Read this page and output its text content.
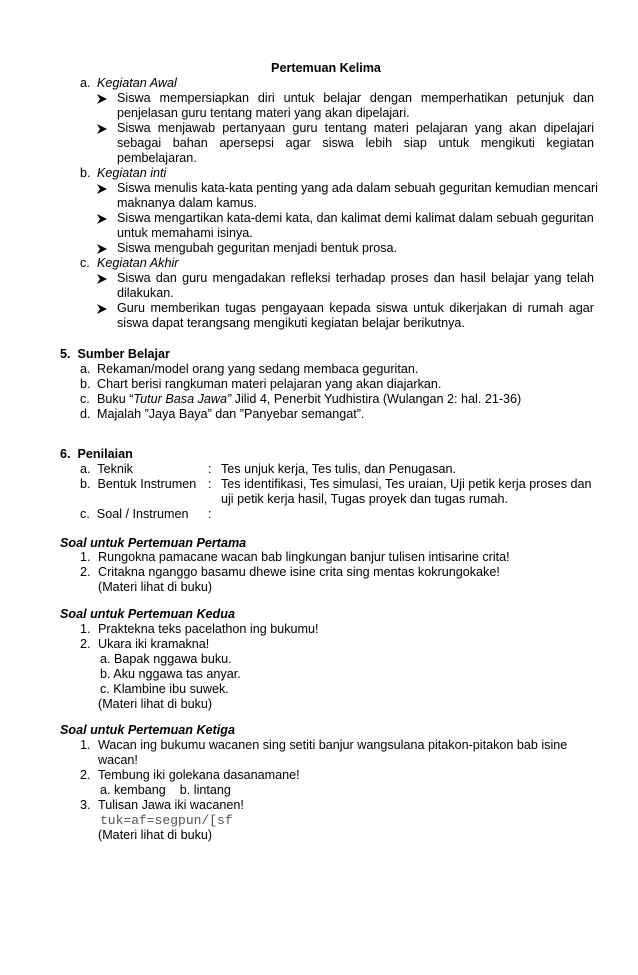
Pertemuan Kelima
a. Kegiatan Awal
Siswa mempersiapkan diri untuk belajar dengan memperhatikan petunjuk dan
penjelasan guru tentang materi yang akan dipelajari.
Siswa menjawab pertanyaan guru tentang materi pelajaran yang akan dipelajari
sebagai bahan apersepsi agar siswa lebih siap untuk mengikuti kegiatan
pembelajaran.
b. Kegiatan inti
Siswa menulis kata-kata penting yang ada dalam sebuah geguritan kemudian mencari
maknanya dalam kamus.
Siswa mengartikan kata-demi kata, dan kalimat demi kalimat dalam sebuah geguritan
untuk memahami isinya.
Siswa mengubah geguritan menjadi bentuk prosa.
c. Kegiatan Akhir
Siswa dan guru mengadakan refleksi terhadap proses dan hasil belajar yang telah
dilakukan.
Guru memberikan tugas pengayaan kepada siswa untuk dikerjakan di rumah agar
siswa dapat terangsang mengikuti kegiatan belajar berikutnya.
5.  Sumber Belajar
a. Rekaman/model orang yang sedang membaca geguritan.
b. Chart berisi rangkuman materi pelajaran yang akan diajarkan.
c. Buku “Tutur Basa Jawa” Jilid 4, Penerbit Yudhistira (Wulangan 2: hal. 21-36)
d. Majalah ”Jaya Baya” dan ”Panyebar semangat”.
6.  Penilaian
a.  Teknik	: Tes unjuk kerja, Tes tulis, dan Penugasan.
b.  Bentuk Instrumen : Tes identifikasi, Tes simulasi, Tes uraian, Uji petik kerja proses dan
uji petik kerja hasil, Tugas proyek dan tugas rumah.
c.  Soal / Instrumen :
Soal untuk Pertemuan Pertama
1. Rungokna pamacane wacan bab lingkungan banjur tulisen intisarine crita!
2. Critakna nganggo basamu dhewe isine crita sing mentas kokrungokake!
(Materi lihat di buku)
Soal untuk Pertemuan Kedua
1. Praktekna teks pacelathon ing bukumu!
2. Ukara iki kramakna!
a. Bapak nggawa buku.
b. Aku nggawa tas anyar.
c. Klambine ibu suwek.
(Materi lihat di buku)
Soal untuk Pertemuan Ketiga
1. Wacan ing bukumu wacanen sing setiti banjur wangsulana pitakon-pitakon bab isine
wacan!
2. Tembung iki golekana dasanamane!
a. kembang    b. lintang
3. Tulisan Jawa iki wacanen!
tuk=af=segpun/[sf
(Materi lihat di buku)
